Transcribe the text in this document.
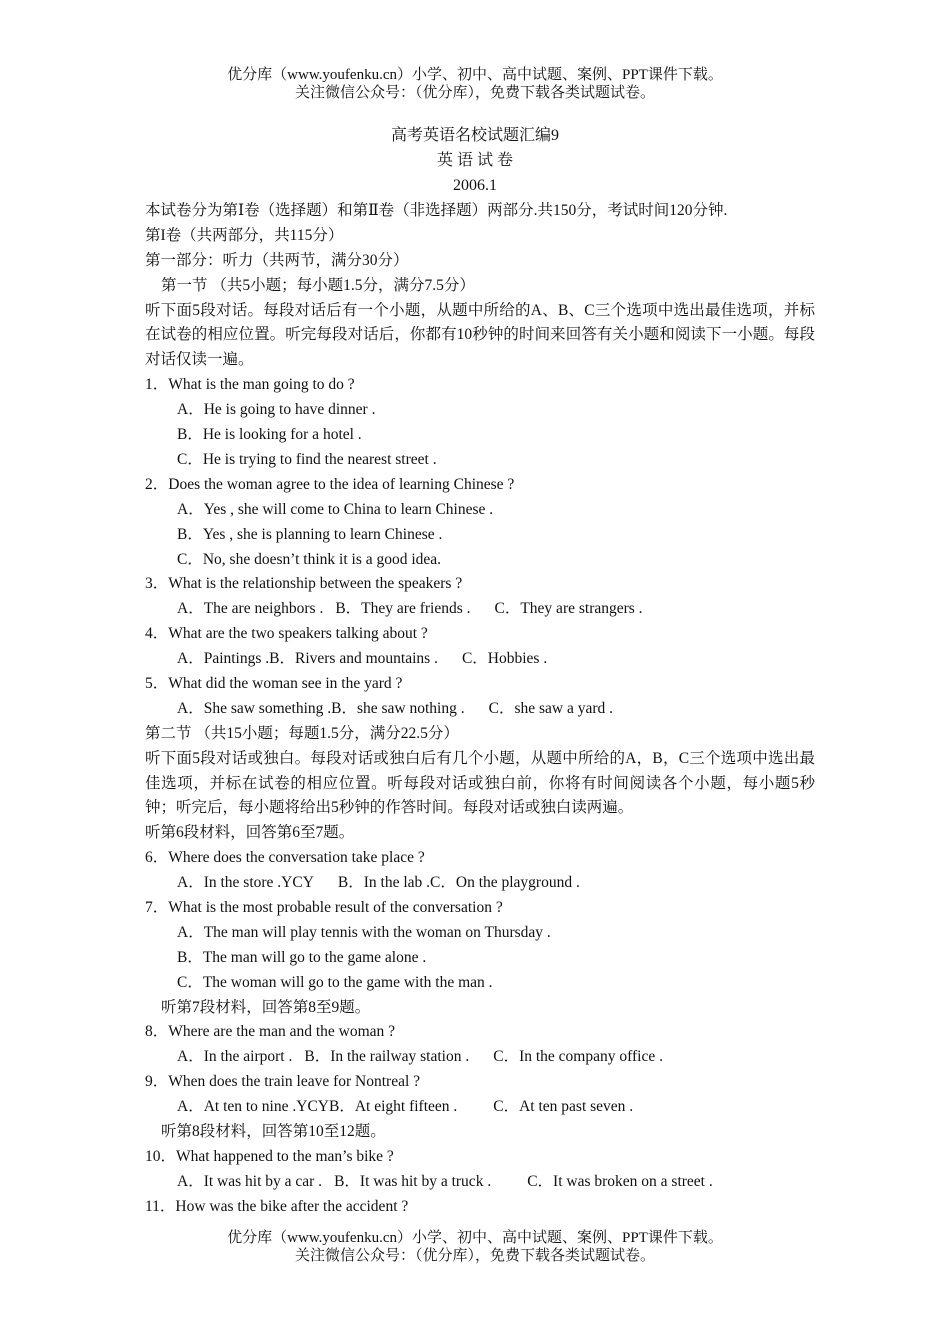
优分库（www.youfenku.cn）小学、初中、高中试题、案例、PPT课件下载。
关注微信公众号：（优分库），免费下载各类试题试卷。
高考英语名校试题汇编9
英 语 试 卷
2006.1
本试卷分为第Ⅰ卷（选择题）和第Ⅱ卷（非选择题）两部分.共150分，考试时间120分钟.
第I卷（共两部分，共115分）
第一部分：听力（共两节，满分30分）
第一节 （共5小题；每小题1.5分，满分7.5分）
听下面5段对话。每段对话后有一个小题，从题中所给的A、B、C三个选项中选出最佳选项，并标在试卷的相应位置。听完每段对话后，你都有10秒钟的时间来回答有关小题和阅读下一小题。每段对话仅读一遍。
1．What is the man going to do ?
A．He is going to have dinner .
B．He is looking for a hotel .
C．He is trying to find the nearest street .
2．Does the woman agree to the idea of learning Chinese ?
A．Yes , she will come to China to learn Chinese .
B．Yes , she is planning to learn Chinese .
C．No, she doesn’t think it is a good idea.
3．What is the relationship between the speakers ?
A．The are neighbors . B．They are friends . C．They are strangers .
4．What are the two speakers talking about ?
A．Paintings .B．Rivers and mountains . C．Hobbies .
5．What did the woman see in the yard ?
A．She saw something .B．she saw nothing . C．she saw a yard .
第二节 （共15小题；每题1.5分，满分22.5分）
听下面5段对话或独白。每段对话或独白后有几个小题，从题中所给的A，B，C三个选项中选出最佳选项，并标在试卷的相应位置。听每段对话或独白前，你将有时间阅读各个小题，每小题5秒钟；听完后，每小题将给出5秒钟的作答时间。每段对话或独白读两遍。
听第6段材料，回答第6至7题。
6．Where does the conversation take place ?
A．In the store .YCY B．In the lab .C．On the playground .
7．What is the most probable result of the conversation ?
A．The man will play tennis with the woman on Thursday .
B．The man will go to the game alone .
C．The woman will go to the game with the man .
听第7段材料，回答第8至9题。
8．Where are the man and the woman ?
A．In the airport . B．In the railway station . C．In the company office .
9．When does the train leave for Nontreal ?
A．At ten to nine .YCYB．At eight fifteen . C．At ten past seven .
听第8段材料，回答第10至12题。
10．What happened to the man’s bike ?
A．It was hit by a car . B．It was hit by a truck . C．It was broken on a street .
11．How was the bike after the accident ?
优分库（www.youfenku.cn）小学、初中、高中试题、案例、PPT课件下载。
关注微信公众号：（优分库），免费下载各类试题试卷。
